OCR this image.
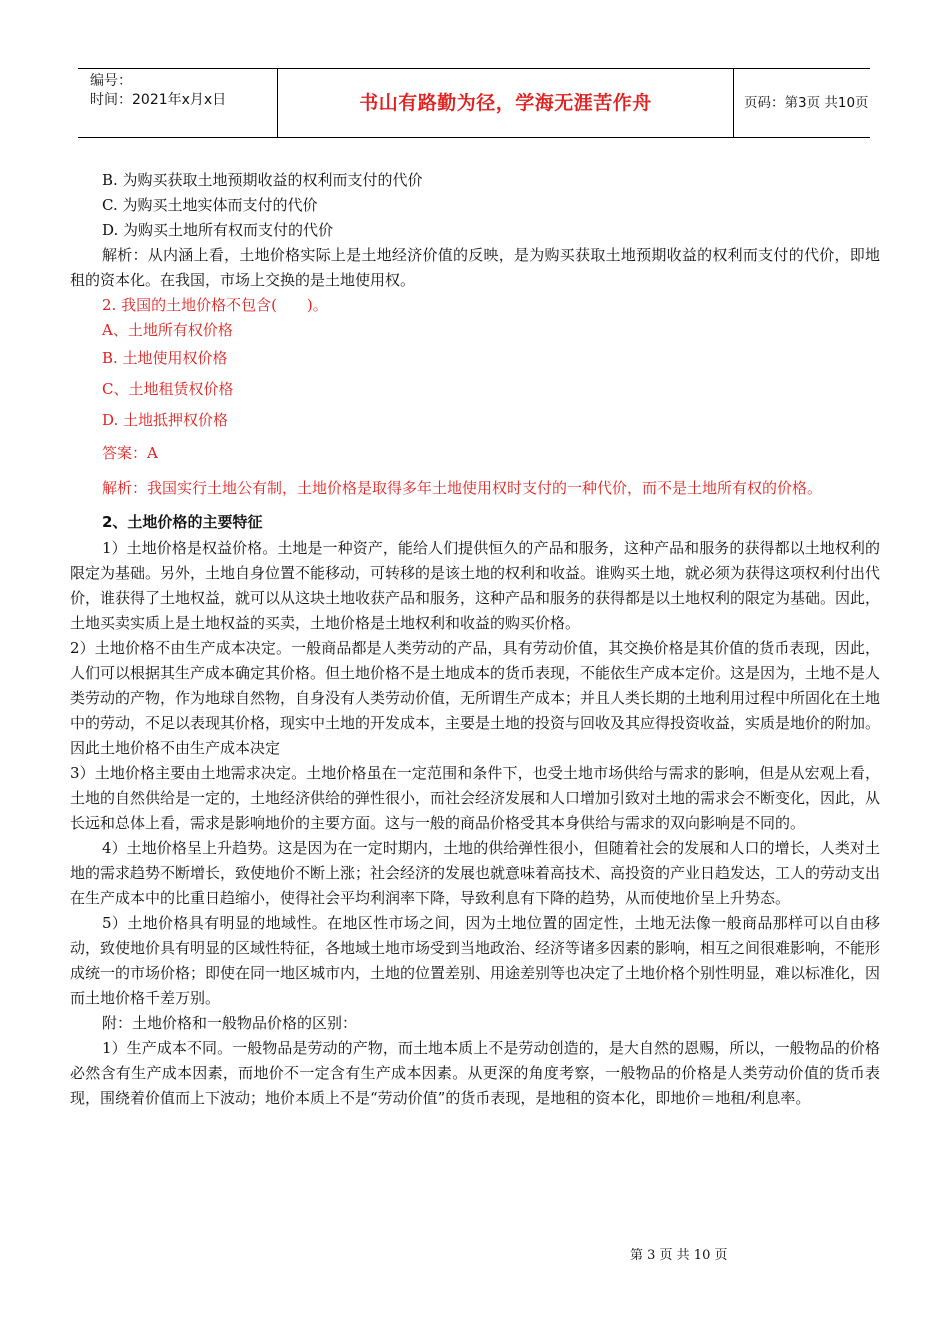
编号：
时间：2021年x月x日	书山有路勤为径，学海无涯苦作舟	页码：第3页 共10页

B. 为购买获取土地预期收益的权利而支付的代价

C. 为购买土地实体而支付的代价

D. 为购买土地所有权而支付的代价

解析：从内涵上看，土地价格实际上是土地经济价值的反映，是为购买获取土地预期收益的权利而支付的代价，即地租的资本化。在我国，市场上交换的是土地使用权。

2. 我国的土地价格不包含(　　)。

A、土地所有权价格

B. 土地使用权价格

C、土地租赁权价格

D. 土地抵押权价格

答案：A

解析：我国实行土地公有制，土地价格是取得多年土地使用权时支付的一种代价，而不是土地所有权的价格。

2、土地价格的主要特征

1）土地价格是权益价格。土地是一种资产，能给人们提供恒久的产品和服务，这种产品和服务的获得都以土地权利的限定为基础。另外，土地自身位置不能移动，可转移的是该土地的权利和收益。谁购买土地，就必须为获得这项权利付出代价，谁获得了土地权益，就可以从这块土地收获产品和服务，这种产品和服务的获得都是以土地权利的限定为基础。因此，土地买卖实质上是土地权益的买卖，土地价格是土地权利和收益的购买价格。

2）土地价格不由生产成本决定。一般商品都是人类劳动的产品，具有劳动价值，其交换价格是其价值的货币表现，因此，人们可以根据其生产成本确定其价格。但土地价格不是土地成本的货币表现，不能依生产成本定价。这是因为，土地不是人类劳动的产物，作为地球自然物，自身没有人类劳动价值，无所谓生产成本；并且人类长期的土地利用过程中所固化在土地中的劳动，不足以表现其价格，现实中土地的开发成本，主要是土地的投资与回收及其应得投资收益，实质是地价的附加。因此土地价格不由生产成本决定

3）土地价格主要由土地需求决定。土地价格虽在一定范围和条件下，也受土地市场供给与需求的影响，但是从宏观上看，土地的自然供给是一定的，土地经济供给的弹性很小，而社会经济发展和人口增加引致对土地的需求会不断变化，因此，从长远和总体上看，需求是影响地价的主要方面。这与一般的商品价格受其本身供给与需求的双向影响是不同的。

4）土地价格呈上升趋势。这是因为在一定时期内，土地的供给弹性很小，但随着社会的发展和人口的增长，人类对土地的需求趋势不断增长，致使地价不断上涨；社会经济的发展也就意味着高技术、高投资的产业日趋发达，工人的劳动支出在生产成本中的比重日趋缩小，使得社会平均利润率下降，导致利息有下降的趋势，从而使地价呈上升势态。

5）土地价格具有明显的地域性。在地区性市场之间，因为土地位置的固定性，土地无法像一般商品那样可以自由移动，致使地价具有明显的区域性特征，各地域土地市场受到当地政治、经济等诸多因素的影响，相互之间很难影响，不能形成统一的市场价格；即使在同一地区城市内，土地的位置差别、用途差别等也决定了土地价格个别性明显，难以标准化，因而土地价格千差万别。

附：土地价格和一般物品价格的区别：

1）生产成本不同。一般物品是劳动的产物，而土地本质上不是劳动创造的，是大自然的恩赐，所以，一般物品的价格必然含有生产成本因素，而地价不一定含有生产成本因素。从更深的角度考察，一般物品的价格是人类劳动价值的货币表现，围绕着价值而上下波动；地价本质上不是“劳动价值”的货币表现，是地租的资本化，即地价＝地租/利息率。

第 3 页 共 10 页
